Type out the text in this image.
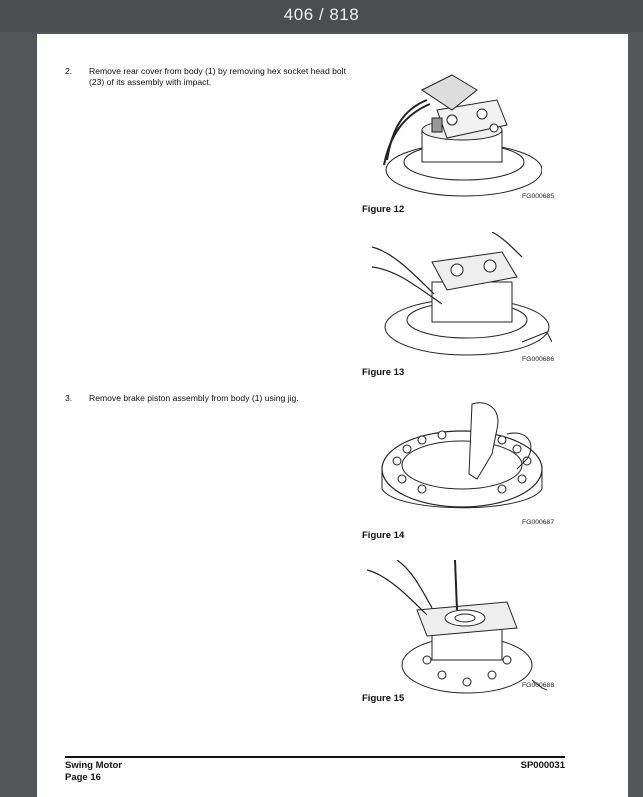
406 / 818
2. Remove rear cover from body (1) by removing hex socket head bolt (23) of its assembly with impact.
FG000685
Figure 12
FG000686
Figure 13
3. Remove brake piston assembly from body (1) using jig.
FG000687
Figure 14
FG000688
Figure 15
Swing Motor
Page 16
SP000031
